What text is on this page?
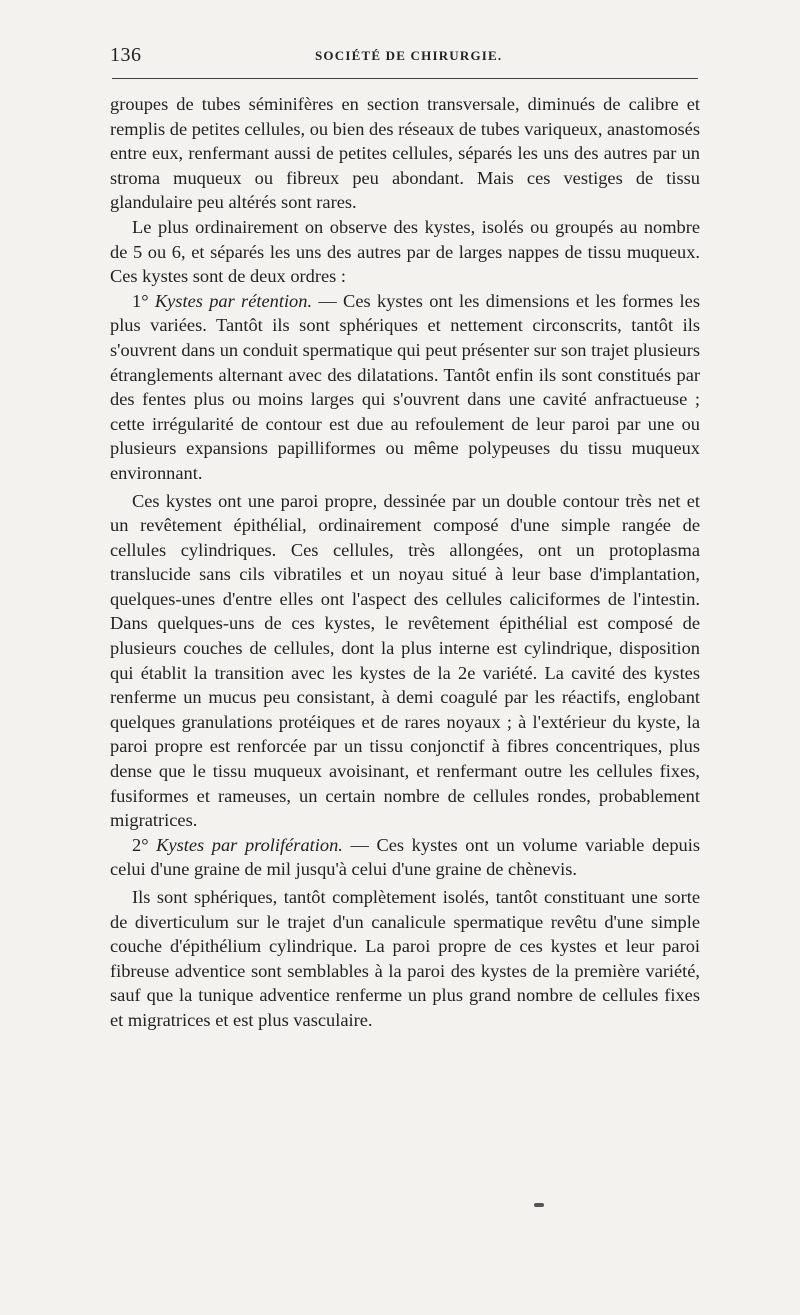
136	SOCIÉTÉ DE CHIRURGIE.

groupes de tubes séminifères en section transversale, diminués de calibre et remplis de petites cellules, ou bien des réseaux de tubes variqueux, anastomosés entre eux, renfermant aussi de petites cellules, séparés les uns des autres par un stroma muqueux ou fibreux peu abondant. Mais ces vestiges de tissu glandulaire peu altérés sont rares.

Le plus ordinairement on observe des kystes, isolés ou groupés au nombre de 5 ou 6, et séparés les uns des autres par de larges nappes de tissu muqueux. Ces kystes sont de deux ordres :

1° Kystes par rétention. — Ces kystes ont les dimensions et les formes les plus variées. Tantôt ils sont sphériques et nettement circonscrits, tantôt ils s'ouvrent dans un conduit spermatique qui peut présenter sur son trajet plusieurs étranglements alternant avec des dilatations. Tantôt enfin ils sont constitués par des fentes plus ou moins larges qui s'ouvrent dans une cavité anfractueuse ; cette irrégularité de contour est due au refoulement de leur paroi par une ou plusieurs expansions papilliformes ou même polypeuses du tissu muqueux environnant.

Ces kystes ont une paroi propre, dessinée par un double contour très net et un revêtement épithélial, ordinairement composé d'une simple rangée de cellules cylindriques. Ces cellules, très allongées, ont un protoplasma translucide sans cils vibratiles et un noyau situé à leur base d'implantation, quelques-unes d'entre elles ont l'aspect des cellules caliciformes de l'intestin. Dans quelques-uns de ces kystes, le revêtement épithélial est composé de plusieurs couches de cellules, dont la plus interne est cylindrique, disposition qui établit la transition avec les kystes de la 2e variété. La cavité des kystes renferme un mucus peu consistant, à demi coagulé par les réactifs, englobant quelques granulations protéiques et de rares noyaux ; à l'extérieur du kyste, la paroi propre est renforcée par un tissu conjonctif à fibres concentriques, plus dense que le tissu muqueux avoisinant, et renfermant outre les cellules fixes, fusiformes et rameuses, un certain nombre de cellules rondes, probablement migratrices.

2° Kystes par prolifération. — Ces kystes ont un volume variable depuis celui d'une graine de mil jusqu'à celui d'une graine de chènevis.

Ils sont sphériques, tantôt complètement isolés, tantôt constituant une sorte de diverticulum sur le trajet d'un canalicule spermatique revêtu d'une simple couche d'épithélium cylindrique. La paroi propre de ces kystes et leur paroi fibreuse adventice sont semblables à la paroi des kystes de la première variété, sauf que la tunique adventice renferme un plus grand nombre de cellules fixes et migratrices et est plus vasculaire.
